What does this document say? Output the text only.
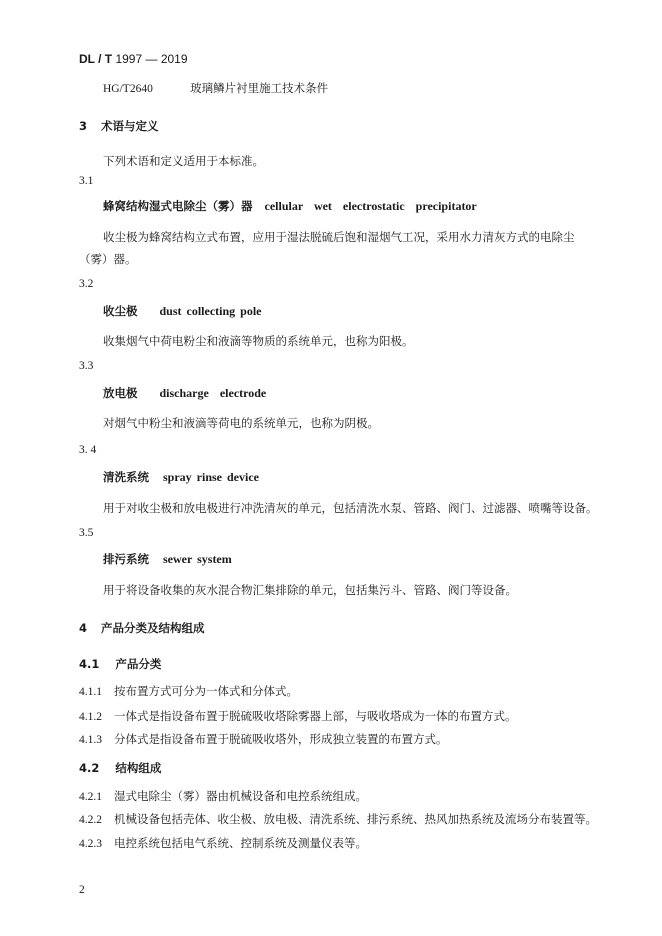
DL / T 1997 — 2019
HG/T2640	玻璃鳞片衬里施工技术条件
3 术语与定义
下列术语和定义适用于本标准。
3.1
蜂窝结构湿式电除尘（雾）器 cellular wet electrostatic precipitator
收尘极为蜂窝结构立式布置，应用于湿法脱硫后饱和湿烟气工况，采用水力清灰方式的电除尘（雾）器。
3.2
收尘极 dust collecting pole
收集烟气中荷电粉尘和液滴等物质的系统单元，也称为阳极。
3.3
放电极 discharge electrode
对烟气中粉尘和液滴等荷电的系统单元，也称为阴极。
3. 4
清洗系统 spray rinse device
用于对收尘极和放电极进行冲洗清灰的单元，包括清洗水泵、管路、阀门、过滤器、喷嘴等设备。
3.5
排污系统 sewer system
用于将设备收集的灰水混合物汇集排除的单元，包括集污斗、管路、阀门等设备。
4 产品分类及结构组成
4.1 产品分类
4.1.1 按布置方式可分为一体式和分体式。
4.1.2 一体式是指设备布置于脱硫吸收塔除雾器上部，与吸收塔成为一体的布置方式。
4.1.3 分体式是指设备布置于脱硫吸收塔外，形成独立装置的布置方式。
4.2 结构组成
4.2.1 湿式电除尘（雾）器由机械设备和电控系统组成。
4.2.2 机械设备包括壳体、收尘极、放电极、清洗系统、排污系统、热风加热系统及流场分布装置等。
4.2.3 电控系统包括电气系统、控制系统及测量仪表等。
2
